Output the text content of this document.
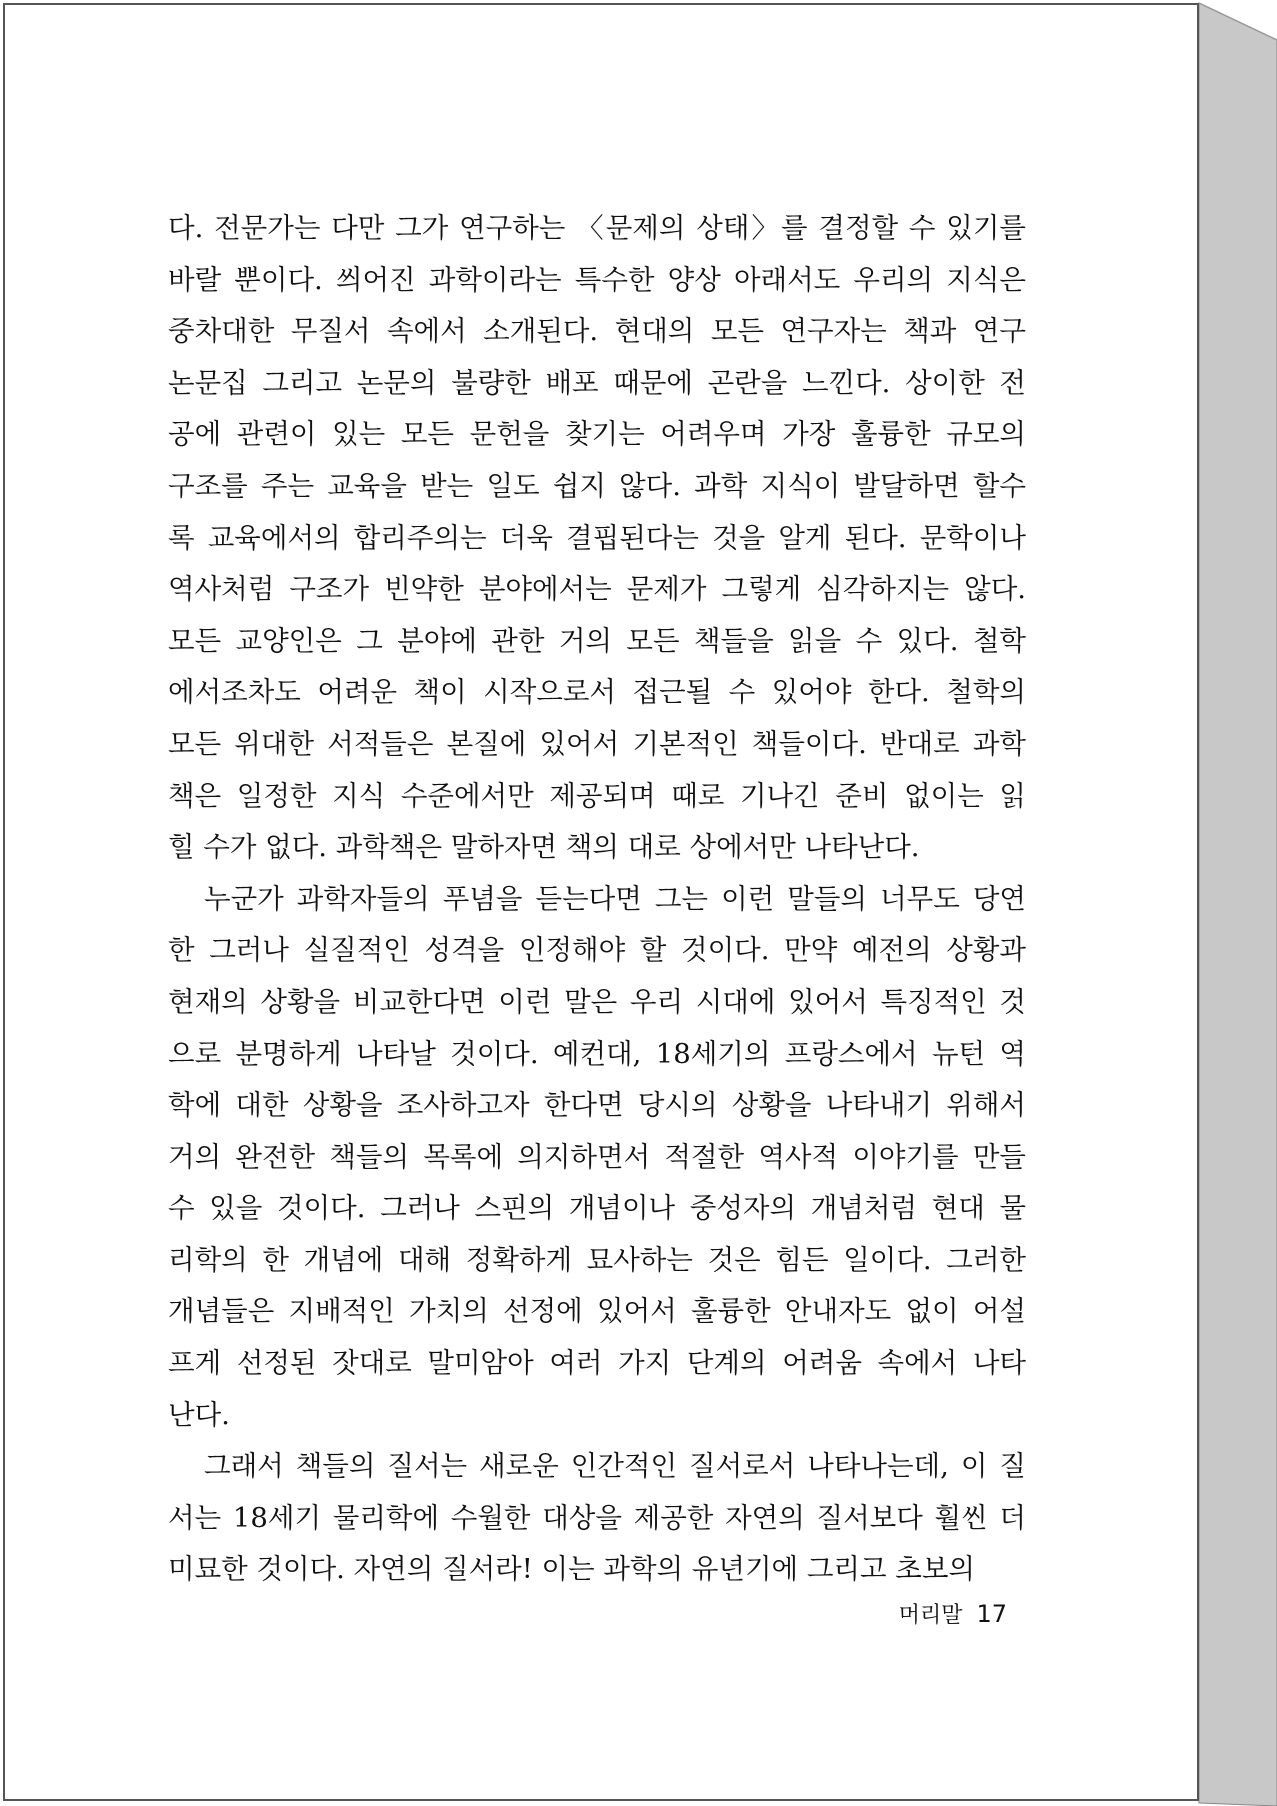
다. 전문가는 다만 그가 연구하는 〈문제의 상태〉를 결정할 수 있기를
바랄 뿐이다. 씌어진 과학이라는 특수한 양상 아래서도 우리의 지식은
중차대한 무질서 속에서 소개된다. 현대의 모든 연구자는 책과 연구
논문집 그리고 논문의 불량한 배포 때문에 곤란을 느낀다. 상이한 전
공에 관련이 있는 모든 문헌을 찾기는 어려우며 가장 훌륭한 규모의
구조를 주는 교육을 받는 일도 쉽지 않다. 과학 지식이 발달하면 할수
록 교육에서의 합리주의는 더욱 결핍된다는 것을 알게 된다. 문학이나
역사처럼 구조가 빈약한 분야에서는 문제가 그렇게 심각하지는 않다.
모든 교양인은 그 분야에 관한 거의 모든 책들을 읽을 수 있다. 철학
에서조차도 어려운 책이 시작으로서 접근될 수 있어야 한다. 철학의
모든 위대한 서적들은 본질에 있어서 기본적인 책들이다. 반대로 과학
책은 일정한 지식 수준에서만 제공되며 때로 기나긴 준비 없이는 읽
힐 수가 없다. 과학책은 말하자면 책의 대로 상에서만 나타난다.
누군가 과학자들의 푸념을 듣는다면 그는 이런 말들의 너무도 당연
한 그러나 실질적인 성격을 인정해야 할 것이다. 만약 예전의 상황과
현재의 상황을 비교한다면 이런 말은 우리 시대에 있어서 특징적인 것
으로 분명하게 나타날 것이다. 예컨대, 18세기의 프랑스에서 뉴턴 역
학에 대한 상황을 조사하고자 한다면 당시의 상황을 나타내기 위해서
거의 완전한 책들의 목록에 의지하면서 적절한 역사적 이야기를 만들
수 있을 것이다. 그러나 스핀의 개념이나 중성자의 개념처럼 현대 물
리학의 한 개념에 대해 정확하게 묘사하는 것은 힘든 일이다. 그러한
개념들은 지배적인 가치의 선정에 있어서 훌륭한 안내자도 없이 어설
프게 선정된 잣대로 말미암아 여러 가지 단계의 어려움 속에서 나타
난다.
그래서 책들의 질서는 새로운 인간적인 질서로서 나타나는데, 이 질
서는 18세기 물리학에 수월한 대상을 제공한 자연의 질서보다 훨씬 더
미묘한 것이다. 자연의 질서라! 이는 과학의 유년기에 그리고 초보의
머리말 17
